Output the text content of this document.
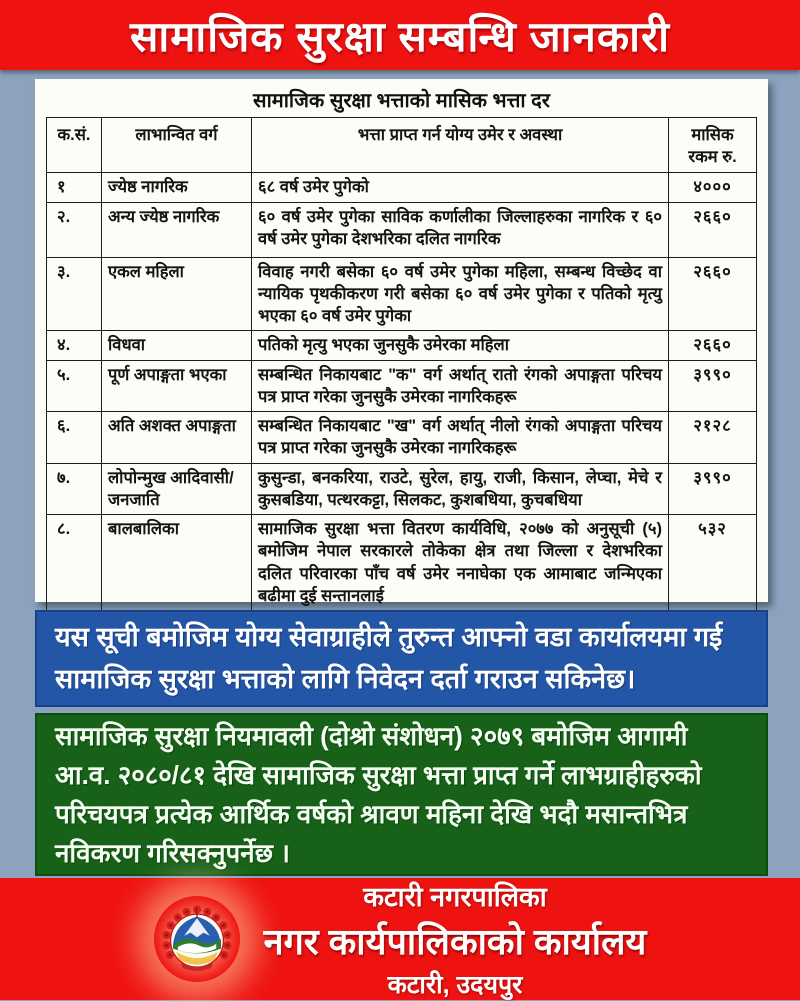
सामाजिक सुरक्षा सम्बन्धि जानकारी
सामाजिक सुरक्षा भत्ताको मासिक भत्ता दर
क.सं.	लाभान्वित वर्ग	भत्ता प्राप्त गर्न योग्य उमेर र अवस्था	मासिक रकम रु.
१	ज्येष्ठ नागरिक	६८ वर्ष उमेर पुगेको	४०००
२.	अन्य ज्येष्ठ नागरिक	६० वर्ष उमेर पुगेका साविक कर्णालीका जिल्लाहरुका नागरिक र ६० वर्ष उमेर पुगेका देशभरिका दलित नागरिक	२६६०
३.	एकल महिला	विवाह नगरी बसेका ६० वर्ष उमेर पुगेका महिला, सम्बन्ध विच्छेद वा न्यायिक पृथकीकरण गरी बसेका ६० वर्ष उमेर पुगेका र पतिको मृत्यु भएका ६० वर्ष उमेर पुगेका	२६६०
४.	विधवा	पतिको मृत्यु भएका जुनसुकै उमेरका महिला	२६६०
५.	पूर्ण अपाङ्गता भएका	सम्बन्धित निकायबाट "क" वर्ग अर्थात् रातो रंगको अपाङ्गता परिचय पत्र प्राप्त गरेका जुनसुकै उमेरका नागरिकहरू	३९९०
६.	अति अशक्त अपाङ्गता	सम्बन्धित निकायबाट "ख" वर्ग अर्थात् नीलो रंगको अपाङ्गता परिचय पत्र प्राप्त गरेका जुनसुकै उमेरका नागरिकहरू	२१२८
७.	लोपोन्मुख आदिवासी/ जनजाति	कुसुन्डा, बनकरिया, राउटे, सुरेल, हायु, राजी, किसान, लेप्चा, मेचे र कुसबडिया, पत्थरकट्टा, सिलकट, कुशबधिया, कुचबधिया	३९९०
८.	बालबालिका	सामाजिक सुरक्षा भत्ता वितरण कार्यविधि, २०७७ को अनुसूची (५) बमोजिम नेपाल सरकारले तोकेका क्षेत्र तथा जिल्ला र देशभरिका दलित परिवारका पाँच वर्ष उमेर ननाघेका एक आमाबाट जन्मिएका बढीमा दुई सन्तानलाई	५३२

यस सूची बमोजिम योग्य सेवाग्राहीले तुरुन्त आफ्नो वडा कार्यालयमा गई सामाजिक सुरक्षा भत्ताको लागि निवेदन दर्ता गराउन सकिनेछ।

सामाजिक सुरक्षा नियमावली (दोश्रो संशोधन) २०७९ बमोजिम आगामी आ.व. २०८०/८१ देखि सामाजिक सुरक्षा भत्ता प्राप्त गर्ने लाभग्राहीहरुको परिचयपत्र प्रत्येक आर्थिक वर्षको श्रावण महिना देखि भदौ मसान्तभित्र नविकरण गरिसक्नुपर्नेछ ।

कटारी नगरपालिका

नगर कार्यपालिकाको कार्यालय

कटारी, उदयपुर
